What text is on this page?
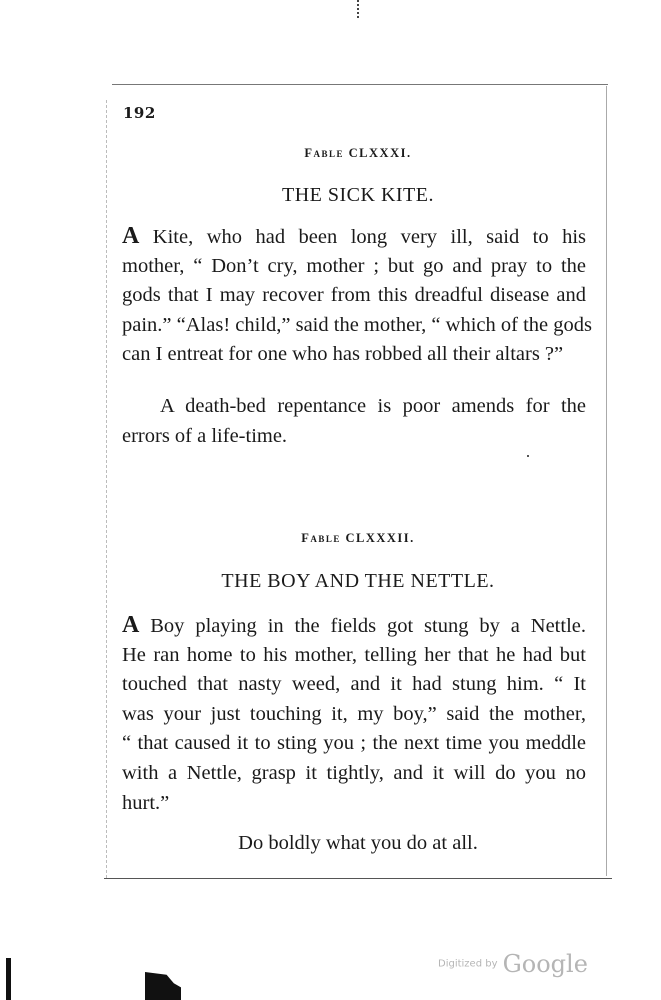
192
Fable CLXXXI.
THE SICK KITE.
A Kite, who had been long very ill, said to his
mother, “ Don’t cry, mother ; but go and pray to the
gods that I may recover from this dreadful disease and
pain.” “Alas! child,” said the mother, “ which of the gods
can I entreat for one who has robbed all their altars ?”
A death-bed repentance is poor amends for the
errors of a life-time.
Fable CLXXXII.
THE BOY AND THE NETTLE.
A Boy playing in the fields got stung by a Nettle.
He ran home to his mother, telling her that he had but
touched that nasty weed, and it had stung him. “ It
was your just touching it, my boy,” said the mother,
“ that caused it to sting you ; the next time you meddle
with a Nettle, grasp it tightly, and it will do you no
hurt.”
Do boldly what you do at all.
Digitized by Google
